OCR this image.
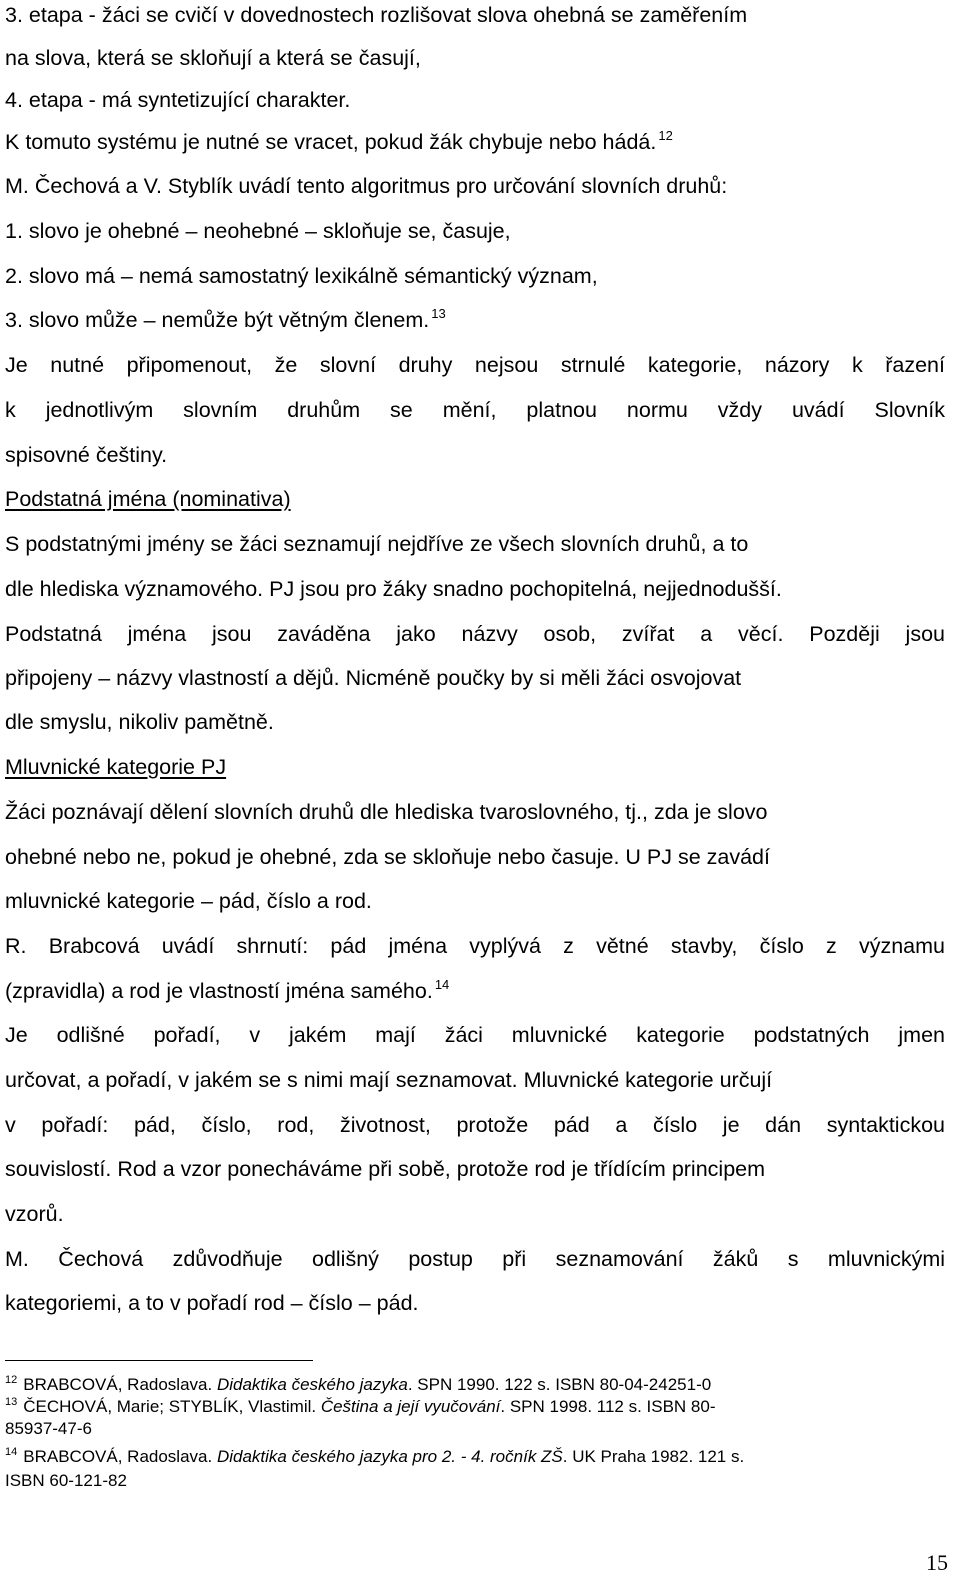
3. etapa - žáci se cvičí v dovednostech rozlišovat slova ohebná se zaměřením
na slova, která se skloňují a která se časují,
4. etapa - má syntetizující charakter.
K tomuto systému je nutné se vracet, pokud žák chybuje nebo hádá. $^{12}$
M. Čechová a V. Styblík uvádí tento algoritmus pro určování slovních druhů:
1. slovo je ohebné – neohebné – skloňuje se, časuje,
2. slovo má – nemá samostatný lexikálně sémantický význam,
3. slovo může – nemůže být větným členem. $^{13}$
Je nutné připomenout, že slovní druhy nejsou strnulé kategorie, názory k řazení
k jednotlivým slovním druhům se mění, platnou normu vždy uvádí Slovník
spisovné češtiny.
Podstatná jména (nominativa)
S podstatnými jmény se žáci seznamují nejdříve ze všech slovních druhů, a to
dle hlediska významového. PJ jsou pro žáky snadno pochopitelná, nejjednodušší.
Podstatná jména jsou zaváděna jako názvy osob, zvířat a věcí. Později jsou
připojeny – názvy vlastností a dějů. Nicméně poučky by si měli žáci osvojovat
dle smyslu, nikoliv pamětně.
Mluvnické kategorie PJ
Žáci poznávají dělení slovních druhů dle hlediska tvaroslovného, tj., zda je slovo
ohebné nebo ne, pokud je ohebné, zda se skloňuje nebo časuje. U PJ se zavádí
mluvnické kategorie – pád, číslo a rod.
R. Brabcová uvádí shrnutí: pád jména vyplývá z větné stavby, číslo z významu
(zpravidla) a rod je vlastností jména samého. $^{14}$
Je odlišné pořadí, v jakém mají žáci mluvnické kategorie podstatných jmen
určovat, a pořadí, v jakém se s nimi mají seznamovat. Mluvnické kategorie určují
v pořadí: pád, číslo, rod, životnost, protože pád a číslo je dán syntaktickou
souvislostí. Rod a vzor ponecháváme při sobě, protože rod je třídícím principem
vzorů.
M. Čechová zdůvodňuje odlišný postup při seznamování žáků s mluvnickými
kategoriemi, a to v pořadí rod – číslo – pád.
$^{12}$ BRABCOVÁ, Radoslava. Didaktika českého jazyka. SPN 1990. 122 s. ISBN 80-04-24251-0
$^{13}$ ČECHOVÁ, Marie; STYBLÍK, Vlastimil. Čeština a její vyučování. SPN 1998. 112 s. ISBN 80-
85937-47-6
$^{14}$ BRABCOVÁ, Radoslava. Didaktika českého jazyka pro 2. - 4. ročník ZŠ. UK Praha 1982. 121 s.
ISBN 60-121-82
15
